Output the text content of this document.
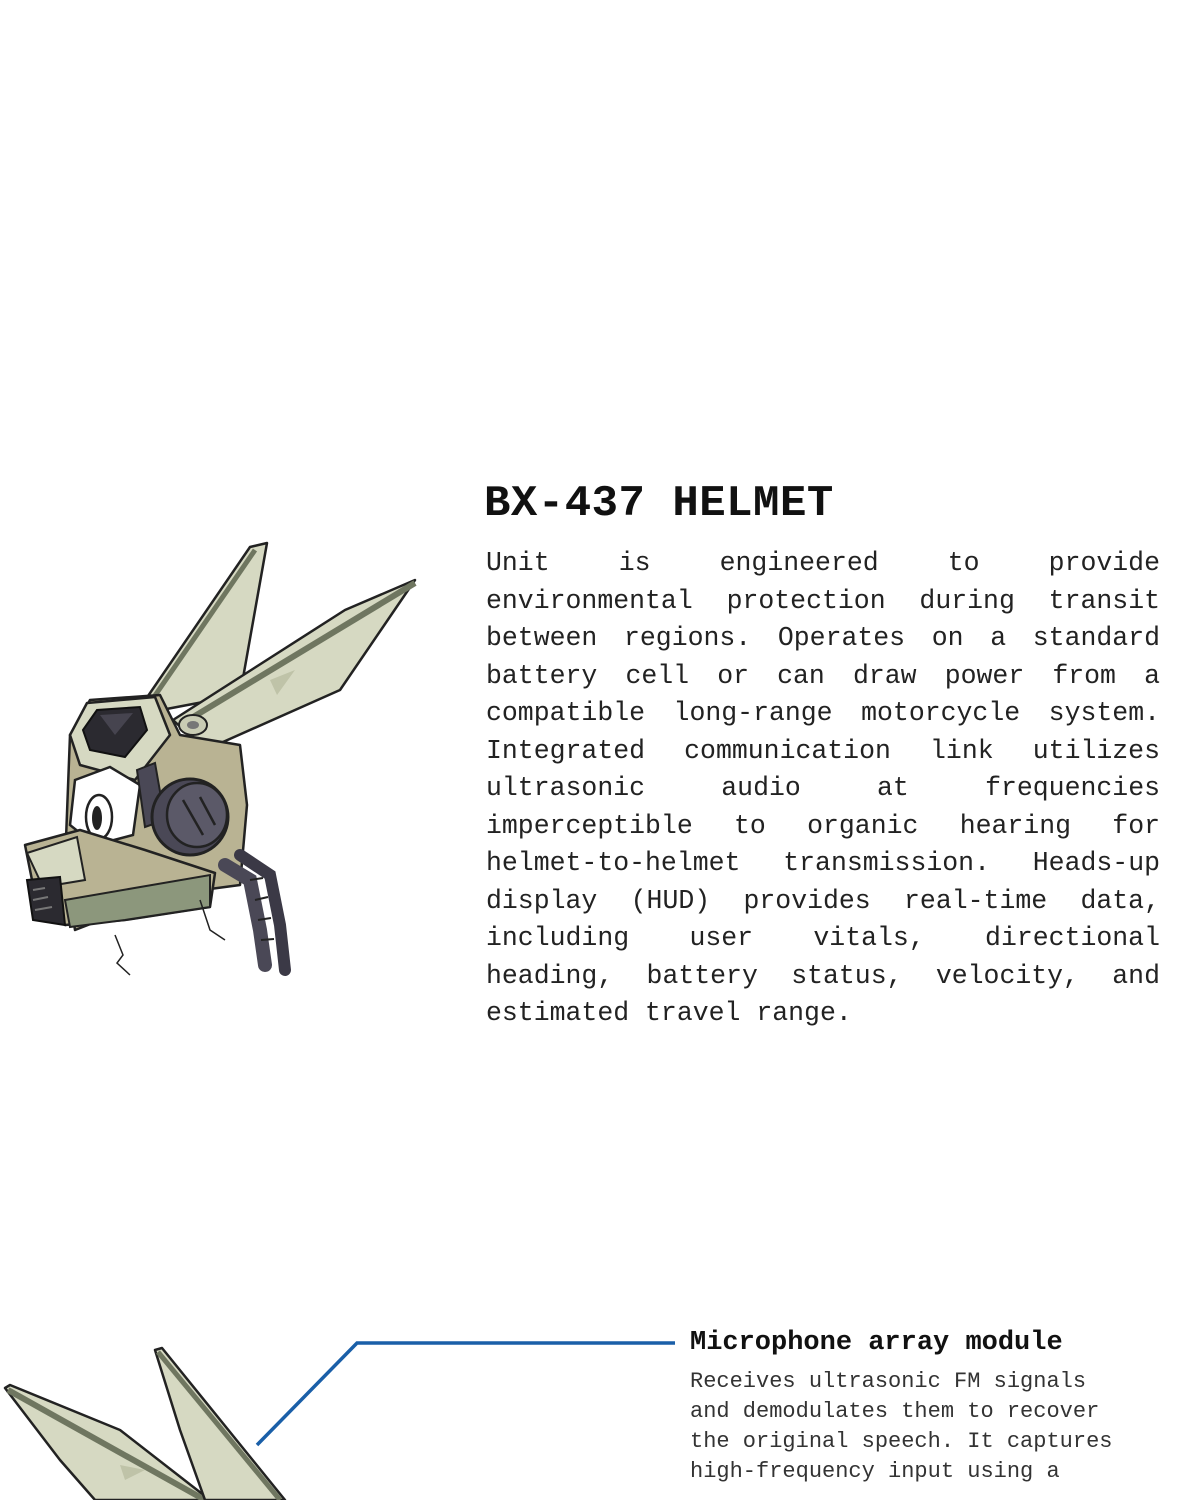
BX-437 HELMET

Unit is engineered to provide environmental protection during transit between regions. Operates on a standard battery cell or can draw power from a compatible long-range motorcycle system. Integrated communication link utilizes ultrasonic audio at frequencies imperceptible to organic hearing for helmet-to-helmet transmission. Heads-up display (HUD) provides real-time data, including user vitals, directional heading, battery status, velocity, and estimated travel range.

Microphone array module

Receives ultrasonic FM signals and demodulates them to recover the original speech. It captures high-frequency input using a
